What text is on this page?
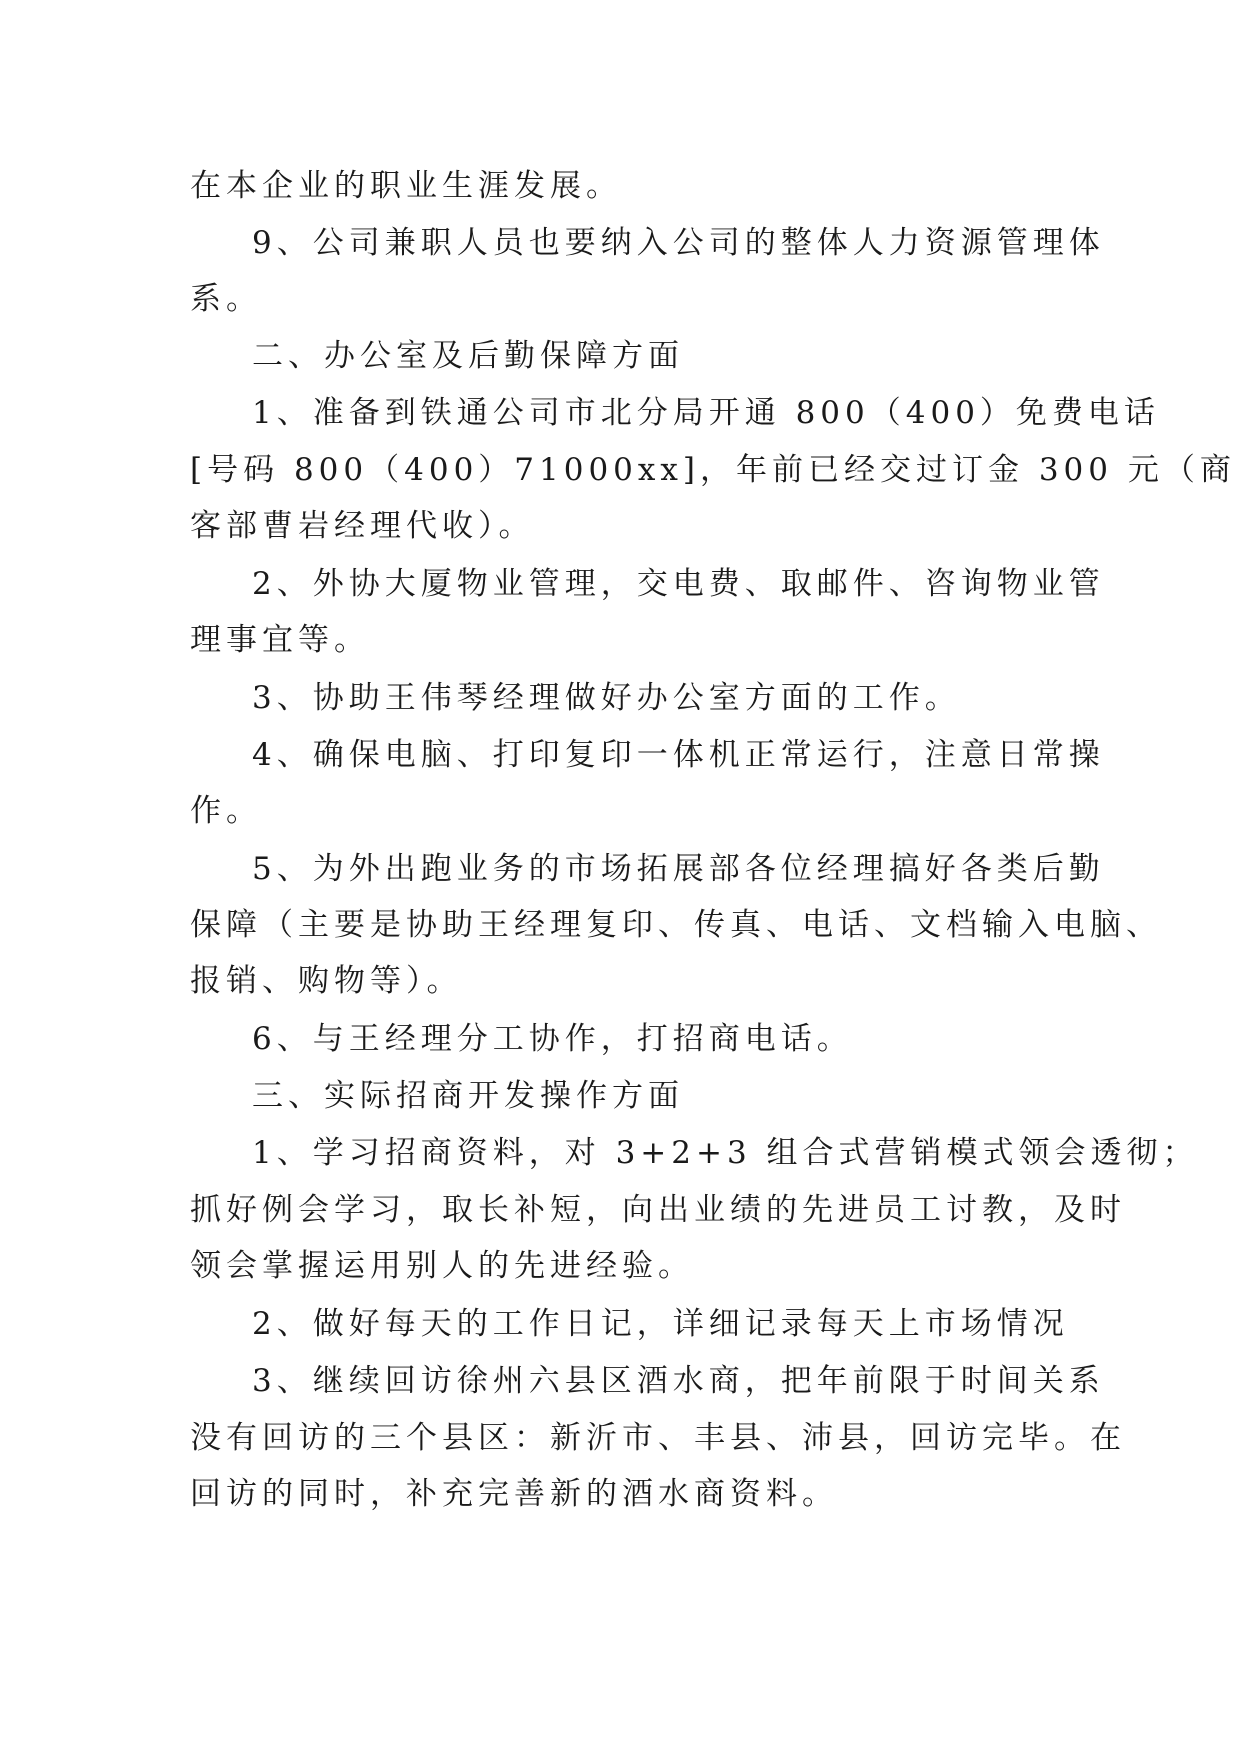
在本企业的职业生涯发展。
9、公司兼职人员也要纳入公司的整体人力资源管理体
系。
二、办公室及后勤保障方面
1、准备到铁通公司市北分局开通 800（400）免费电话
[号码 800（400）71000xx]，年前已经交过订金 300 元（商
客部曹岩经理代收）。
2、外协大厦物业管理，交电费、取邮件、咨询物业管
理事宜等。
3、协助王伟琴经理做好办公室方面的工作。
4、确保电脑、打印复印一体机正常运行，注意日常操
作。
5、为外出跑业务的市场拓展部各位经理搞好各类后勤
保障（主要是协助王经理复印、传真、电话、文档输入电脑、
报销、购物等）。
6、与王经理分工协作，打招商电话。
三、实际招商开发操作方面
1、学习招商资料，对 3+2+3 组合式营销模式领会透彻；
抓好例会学习，取长补短，向出业绩的先进员工讨教，及时
领会掌握运用别人的先进经验。
2、做好每天的工作日记，详细记录每天上市场情况
3、继续回访徐州六县区酒水商，把年前限于时间关系
没有回访的三个县区：新沂市、丰县、沛县，回访完毕。在
回访的同时，补充完善新的酒水商资料。
